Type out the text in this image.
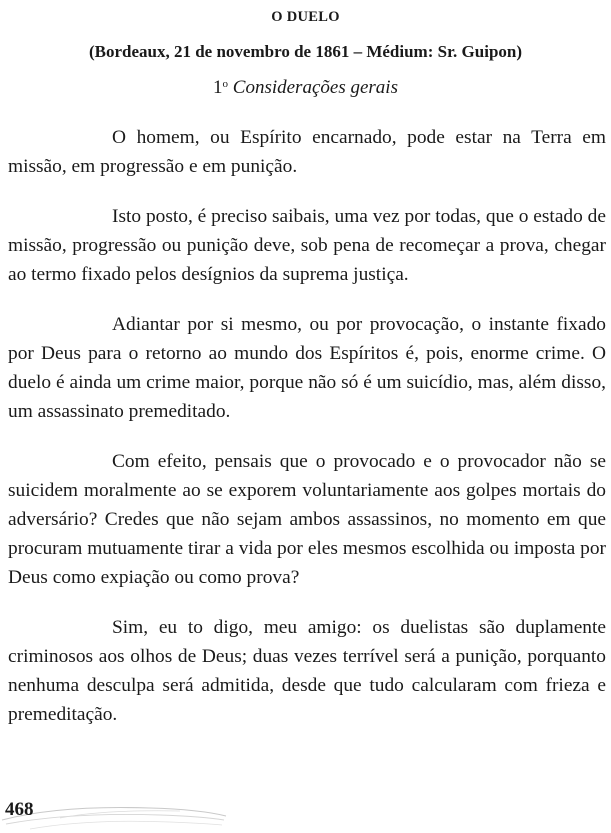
O DUELO
(Bordeaux, 21 de novembro de 1861 – Médium: Sr. Guipon)
1$^o$ Considerações gerais

O homem, ou Espírito encarnado, pode estar na Terra em missão, em progressão e em punição.

Isto posto, é preciso saibais, uma vez por todas, que o estado de missão, progressão ou punição deve, sob pena de recomeçar a prova, chegar ao termo fixado pelos desígnios da suprema justiça.

Adiantar por si mesmo, ou por provocação, o instante fixado por Deus para o retorno ao mundo dos Espíritos é, pois, enorme crime. O duelo é ainda um crime maior, porque não só é um suicídio, mas, além disso, um assassinato premeditado.

Com efeito, pensais que o provocado e o provocador não se suicidem moralmente ao se exporem voluntariamente aos golpes mortais do adversário? Credes que não sejam ambos assassinos, no momento em que procuram mutuamente tirar a vida por eles mesmos escolhida ou imposta por Deus como expiação ou como prova?

Sim, eu to digo, meu amigo: os duelistas são duplamente criminosos aos olhos de Deus; duas vezes terrível será a punição, porquanto nenhuma desculpa será admitida, desde que tudo calcularam com frieza e premeditação.

468
